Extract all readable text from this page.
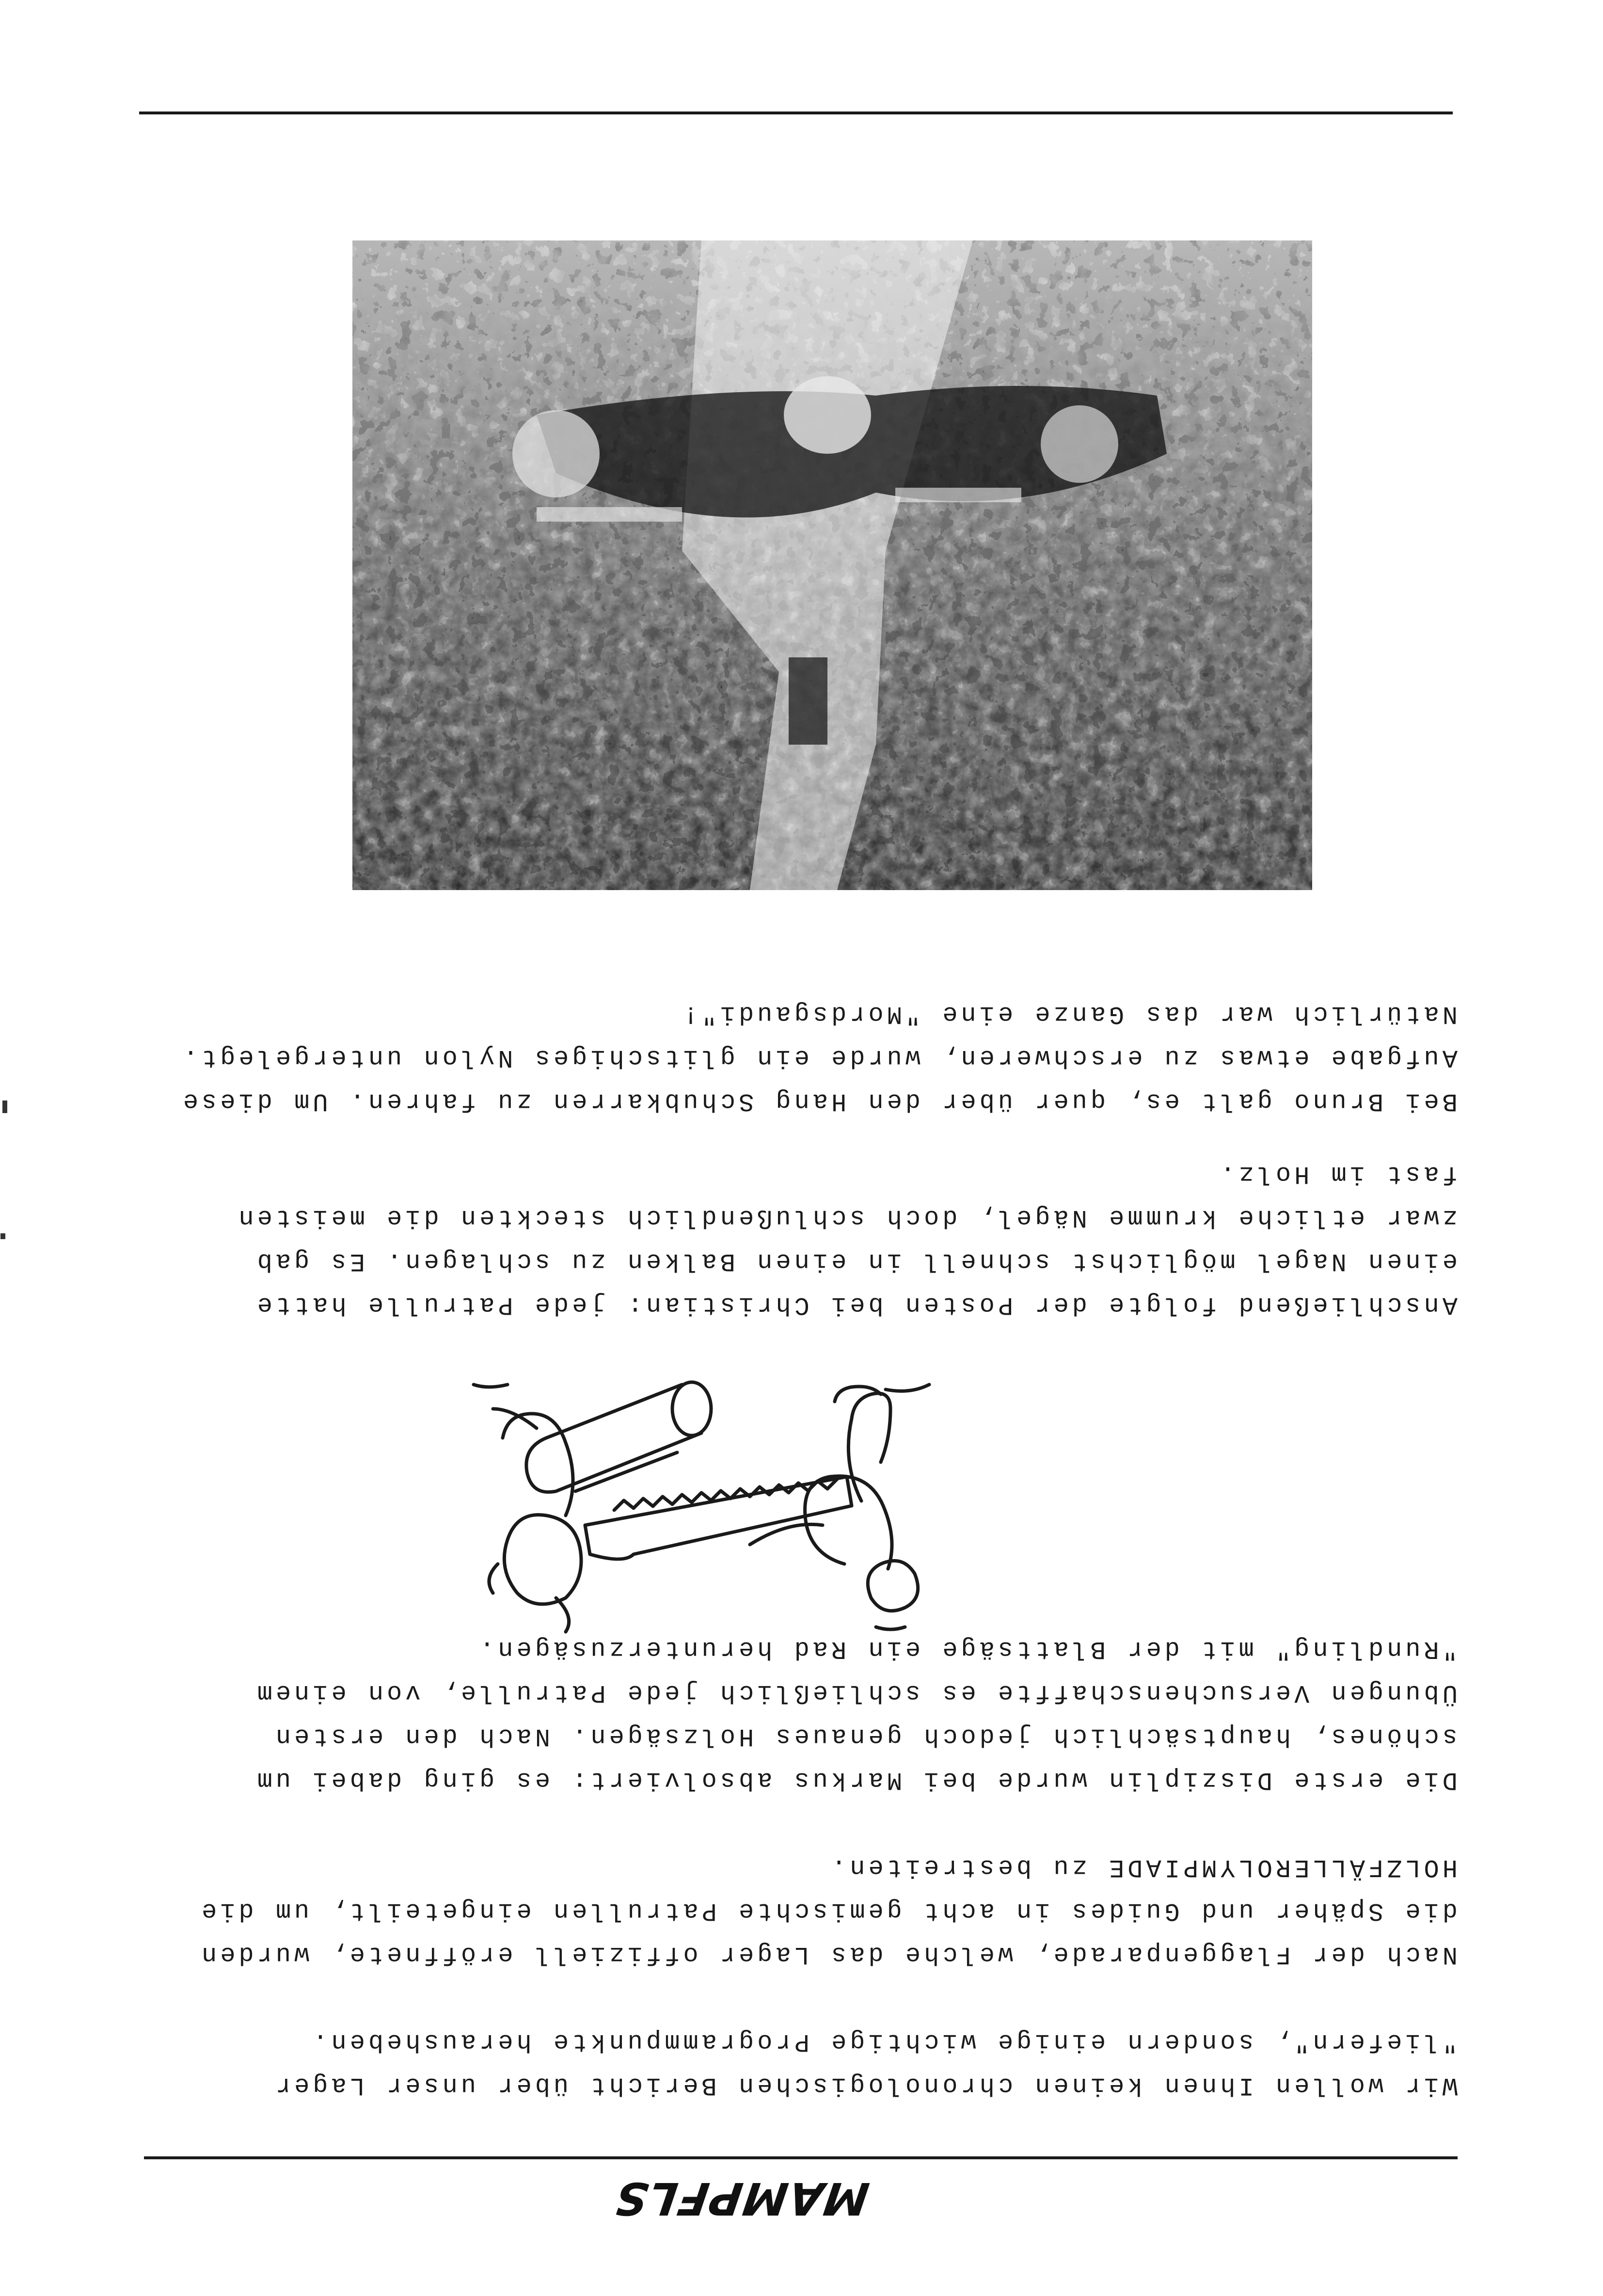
MAMPFLS
Wir wollen Ihnen keinen chronologischen Bericht über unser Lager
"liefern", sondern einige wichtige Programmpunkte herausheben.
Nach der Flaggenparade, welche das Lager offiziell eröffnete, wurden
die Späher und Guides in acht gemischte Patrullen eingeteilt, um die
HOLZFÄLLEROLYMPIADE zu bestreiten.
Die erste Disziplin wurde bei Markus absolviert: es ging dabei um
schönes, hauptsächlich jedoch genaues Holzsägen. Nach den ersten
Übungen Versuchenschaffte es schließlich jede Patrulle, von einem
"Rundling" mit der Blattsäge ein Rad herunterzusägen.
Anschließend folgte der Posten bei Christian: jede Patrulle hatte
einen Nagel möglichst schnell in einen Balken zu schlagen. Es gab
zwar etliche krumme Nägel, doch schlußendlich steckten die meisten
fast im Holz.
Bei Bruno galt es, quer über den Hang Schubkarren zu fahren. Um diese
Aufgabe etwas zu erschweren, wurde ein glitschiges Nylon untergelegt.
Natürlich war das Ganze eine "Mordsgaudi"!
